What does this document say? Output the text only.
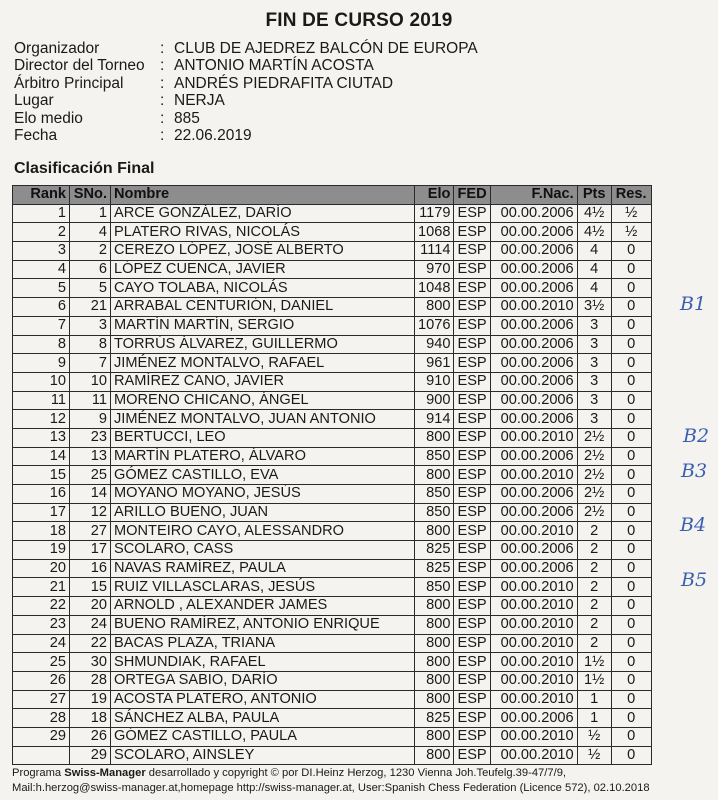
FIN DE CURSO 2019
Organizador	: CLUB DE AJEDREZ BALCÓN DE EUROPA
Director del Torneo : ANTONIO MARTÍN ACOSTA
Árbitro Principal	: ANDRÉS PIEDRAFITA CIUTAD
Lugar	: NERJA
Elo medio	: 885
Fecha	: 22.06.2019
Clasificación Final
Rank	SNo.	Nombre	Elo	FED	F.Nac.	Pts	Res.
1	1	ARCE GONZÁLEZ, DARÍO	1179	ESP	00.00.2006	4½	½
2	4	PLATERO RIVAS, NICOLÁS	1068	ESP	00.00.2006	4½	½
3	2	CEREZO LÓPEZ, JOSÉ ALBERTO	1114	ESP	00.00.2006	4	0
4	6	LÓPEZ CUENCA, JAVIER	970	ESP	00.00.2006	4	0
5	5	CAYO TOLABA, NICOLÁS	1048	ESP	00.00.2006	4	0
6	21	ARRABAL CENTURIÓN, DANIEL	800	ESP	00.00.2010	3½	0
7	3	MARTÍN MARTÍN, SERGIO	1076	ESP	00.00.2006	3	0
8	8	TORRÚS ÁLVAREZ, GUILLERMO	940	ESP	00.00.2006	3	0
9	7	JIMÉNEZ MONTALVO, RAFAEL	961	ESP	00.00.2006	3	0
10	10	RAMÍREZ CANO, JAVIER	910	ESP	00.00.2006	3	0
11	11	MORENO CHICANO, ÁNGEL	900	ESP	00.00.2006	3	0
12	9	JIMÉNEZ MONTALVO, JUAN ANTONIO	914	ESP	00.00.2006	3	0
13	23	BERTUCCI, LEO	800	ESP	00.00.2010	2½	0
14	13	MARTÍN PLATERO, ÁLVARO	850	ESP	00.00.2006	2½	0
15	25	GÓMEZ CASTILLO, EVA	800	ESP	00.00.2010	2½	0
16	14	MOYANO MOYANO, JESÚS	850	ESP	00.00.2006	2½	0
17	12	ARILLO BUENO, JUAN	850	ESP	00.00.2006	2½	0
18	27	MONTEIRO CAYO, ALESSANDRO	800	ESP	00.00.2010	2	0
19	17	SCOLARO, CASS	825	ESP	00.00.2006	2	0
20	16	NAVAS RAMÍREZ, PAULA	825	ESP	00.00.2006	2	0
21	15	RUIZ VILLASCLARAS, JESÚS	850	ESP	00.00.2010	2	0
22	20	ARNOLD , ALEXANDER JAMES	800	ESP	00.00.2010	2	0
23	24	BUENO RAMÍREZ, ANTONIO ENRIQUE	800	ESP	00.00.2010	2	0
24	22	BACAS PLAZA, TRIANA	800	ESP	00.00.2010	2	0
25	30	SHMUNDIAK, RAFAEL	800	ESP	00.00.2010	1½	0
26	28	ORTEGA SABIO, DARÍO	800	ESP	00.00.2010	1½	0
27	19	ACOSTA PLATERO, ANTONIO	800	ESP	00.00.2010	1	0
28	18	SÁNCHEZ ALBA, PAULA	825	ESP	00.00.2006	1	0
29	26	GÓMEZ CASTILLO, PAULA	800	ESP	00.00.2010	½	0
	29	SCOLARO, AINSLEY	800	ESP	00.00.2010	½	0
B1
B2
B3
B4
B5
Programa Swiss-Manager desarrollado y copyright © por DI.Heinz Herzog, 1230 Vienna Joh.Teufelg.39-47/7/9,
Mail:h.herzog@swiss-manager.at,homepage http://swiss-manager.at, User:Spanish Chess Federation (Licence 572), 02.10.2018
